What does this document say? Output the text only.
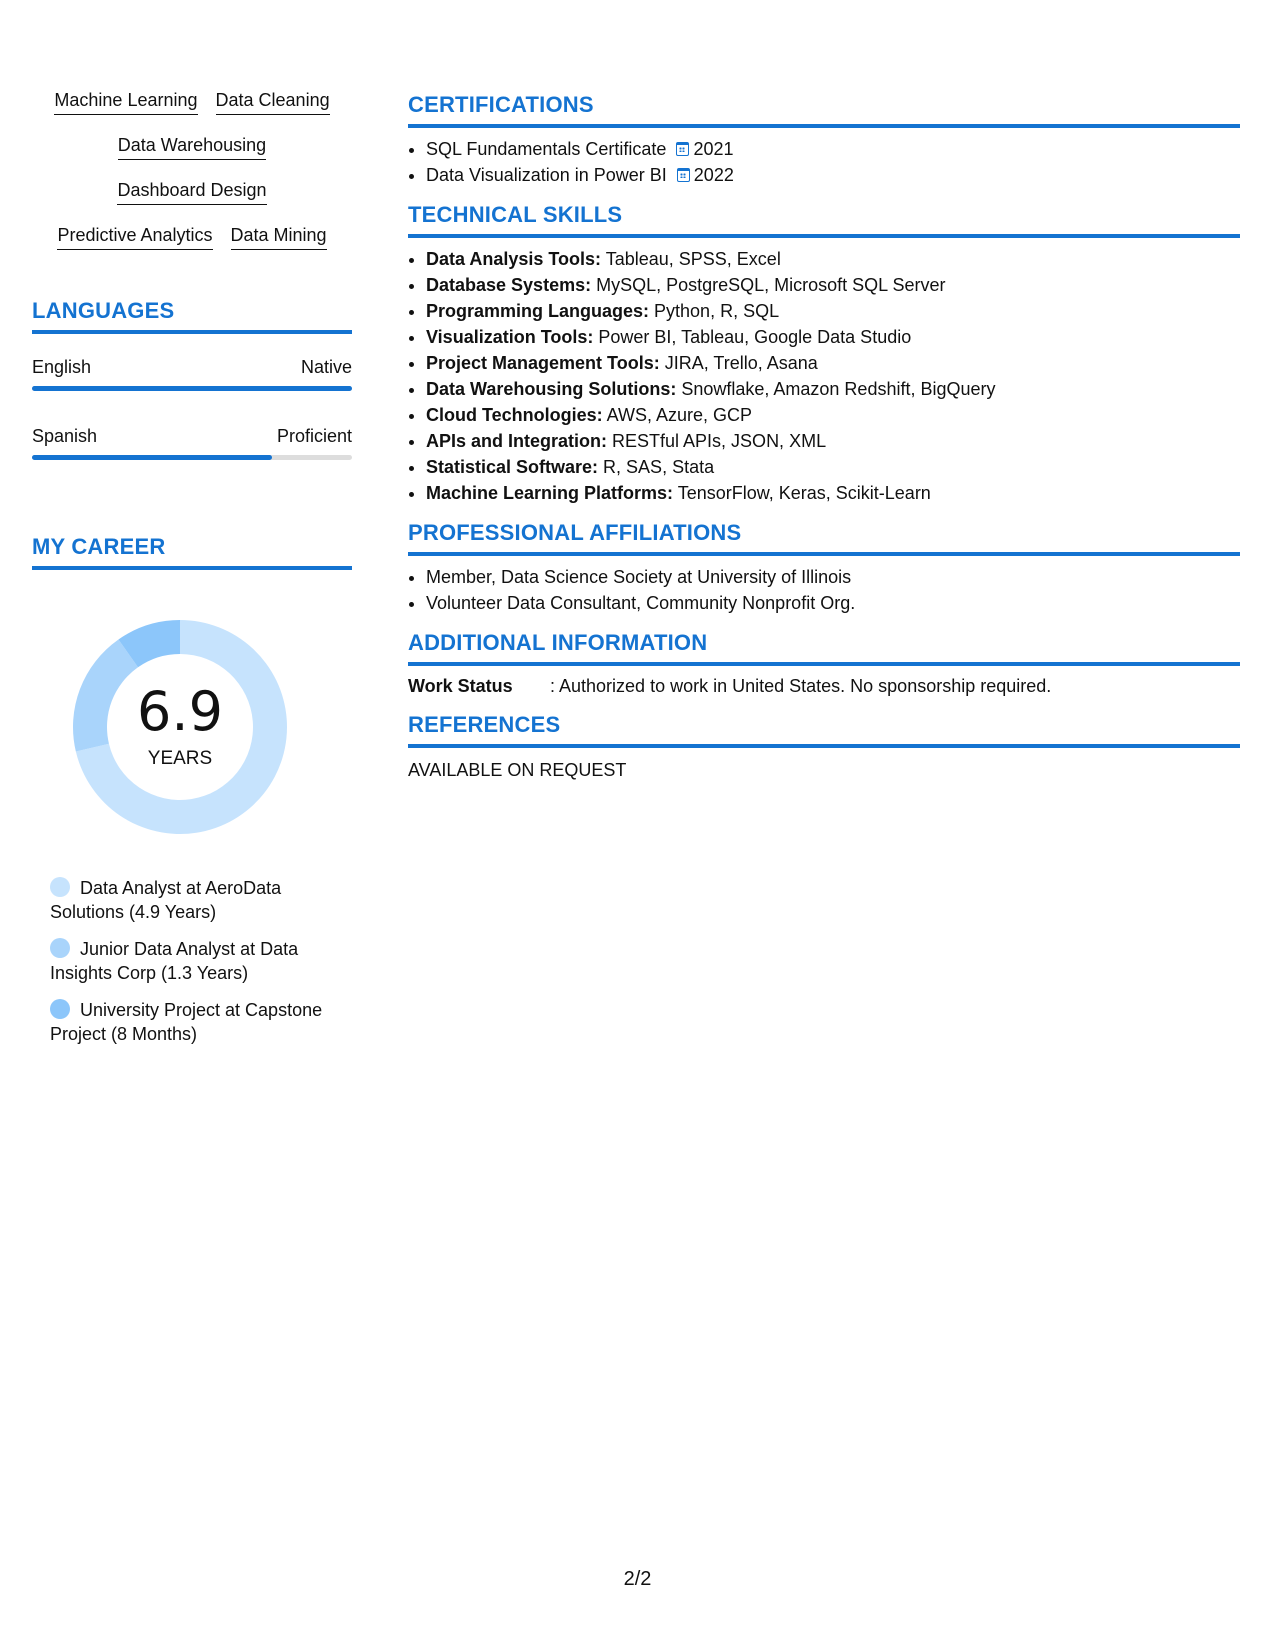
Machine Learning Data Cleaning
Data Warehousing
Dashboard Design
Predictive Analytics Data Mining
LANGUAGES
English	Native
Spanish	Proficient
MY CAREER
6.9
YEARS
Data Analyst at AeroData Solutions (4.9 Years)
Junior Data Analyst at Data Insights Corp (1.3 Years)
University Project at Capstone Project (8 Months)
CERTIFICATIONS
• SQL Fundamentals Certificate 2021
• Data Visualization in Power BI 2022
TECHNICAL SKILLS
• Data Analysis Tools: Tableau, SPSS, Excel
• Database Systems: MySQL, PostgreSQL, Microsoft SQL Server
• Programming Languages: Python, R, SQL
• Visualization Tools: Power BI, Tableau, Google Data Studio
• Project Management Tools: JIRA, Trello, Asana
• Data Warehousing Solutions: Snowflake, Amazon Redshift, BigQuery
• Cloud Technologies: AWS, Azure, GCP
• APIs and Integration: RESTful APIs, JSON, XML
• Statistical Software: R, SAS, Stata
• Machine Learning Platforms: TensorFlow, Keras, Scikit-Learn
PROFESSIONAL AFFILIATIONS
• Member, Data Science Society at University of Illinois
• Volunteer Data Consultant, Community Nonprofit Org.
ADDITIONAL INFORMATION
Work Status	: Authorized to work in United States. No sponsorship required.
REFERENCES
AVAILABLE ON REQUEST
2/2
